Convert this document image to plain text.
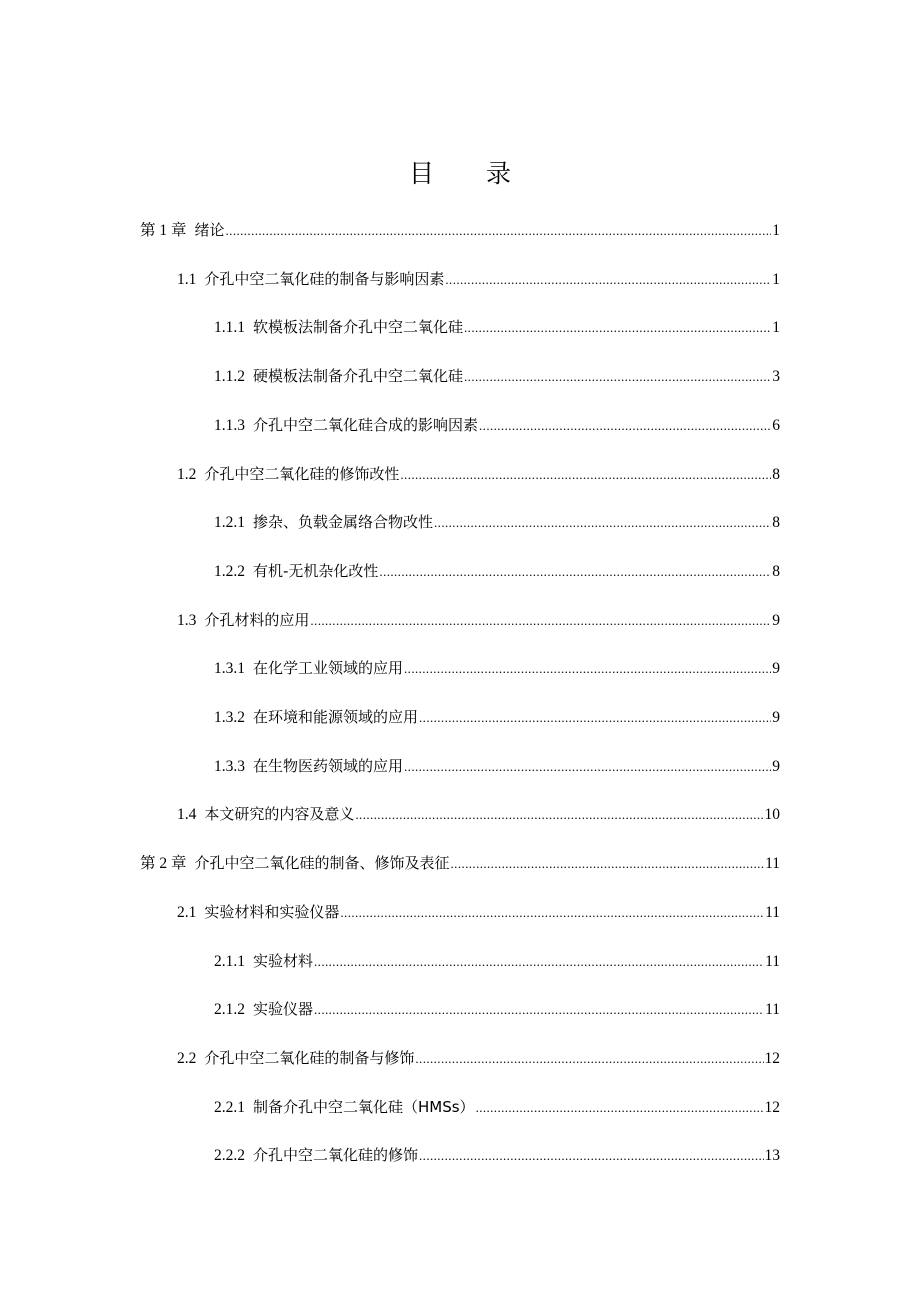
目 录
第 1 章 绪论 .....	1
1.1 介孔中空二氧化硅的制备与影响因素 .....	1
1.1.1 软模板法制备介孔中空二氧化硅 .....	1
1.1.2 硬模板法制备介孔中空二氧化硅 .....	3
1.1.3 介孔中空二氧化硅合成的影响因素 .....	6
1.2 介孔中空二氧化硅的修饰改性 .....	8
1.2.1 掺杂、负载金属络合物改性 .....	8
1.2.2 有机-无机杂化改性 .....	8
1.3 介孔材料的应用 .....	9
1.3.1 在化学工业领域的应用 .....	9
1.3.2 在环境和能源领域的应用 .....	9
1.3.3 在生物医药领域的应用 .....	9
1.4 本文研究的内容及意义 .....	10
第 2 章 介孔中空二氧化硅的制备、修饰及表征 .....	11
2.1 实验材料和实验仪器 .....	11
2.1.1 实验材料 .....	11
2.1.2 实验仪器 .....	11
2.2 介孔中空二氧化硅的制备与修饰 .....	12
2.2.1 制备介孔中空二氧化硅（HMSs） .....	12
2.2.2 介孔中空二氧化硅的修饰 .....	13
